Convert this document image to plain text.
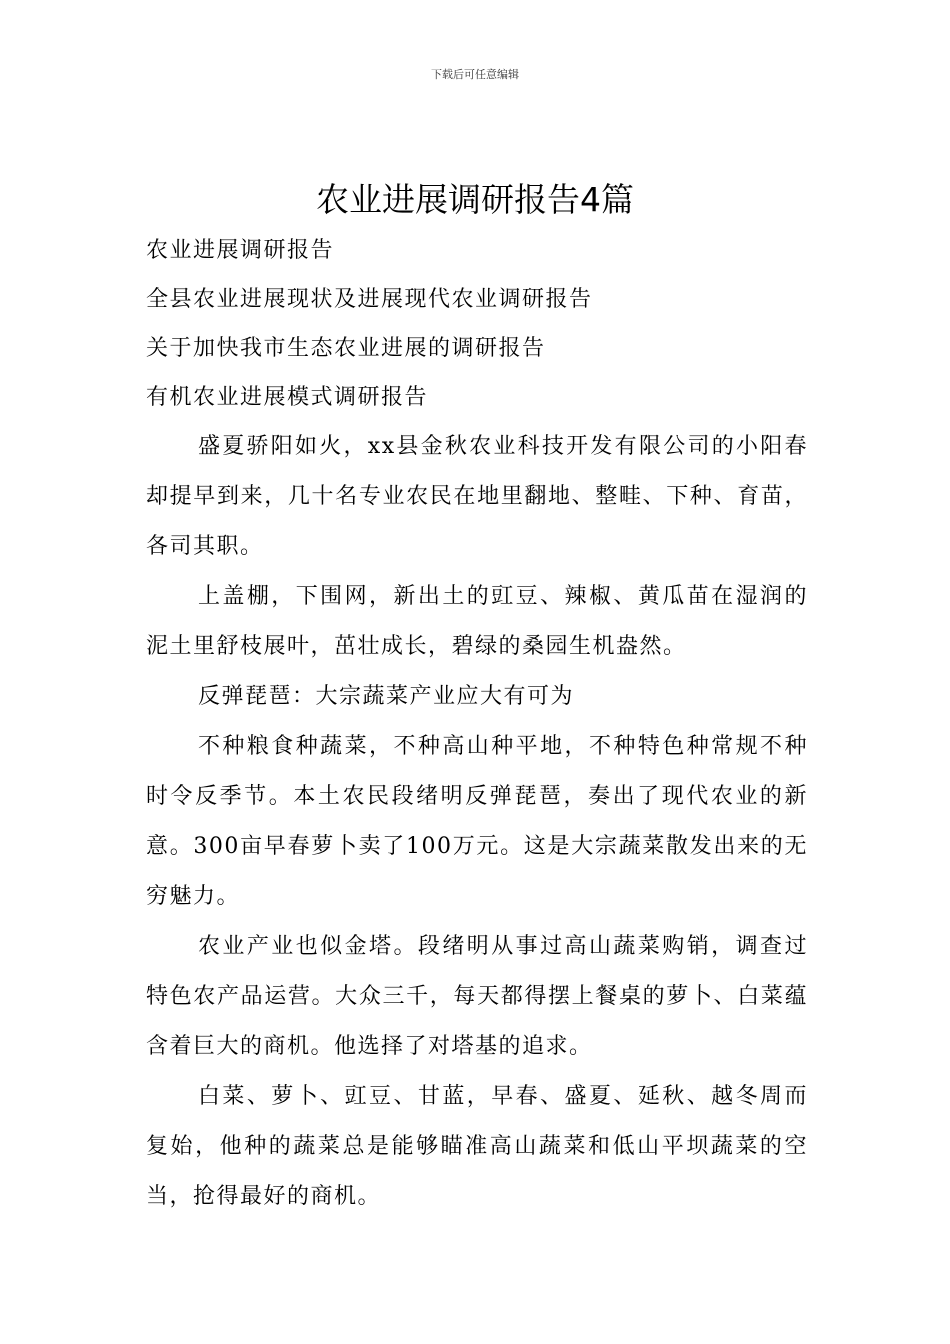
下载后可任意编辑
农业进展调研报告4篇

农业进展调研报告

全县农业进展现状及进展现代农业调研报告

关于加快我市生态农业进展的调研报告

有机农业进展模式调研报告

盛夏骄阳如火，xx县金秋农业科技开发有限公司的小阳春却提早到来，几十名专业农民在地里翻地、整畦、下种、育苗，各司其职。

上盖棚，下围网，新出土的豇豆、辣椒、黄瓜苗在湿润的泥土里舒枝展叶，茁壮成长，碧绿的桑园生机盎然。

反弹琵琶：大宗蔬菜产业应大有可为

不种粮食种蔬菜，不种高山种平地，不种特色种常规不种时令反季节。本土农民段绪明反弹琵琶，奏出了现代农业的新意。300亩早春萝卜卖了100万元。这是大宗蔬菜散发出来的无穷魅力。

农业产业也似金塔。段绪明从事过高山蔬菜购销，调查过特色农产品运营。大众三千，每天都得摆上餐桌的萝卜、白菜蕴含着巨大的商机。他选择了对塔基的追求。

白菜、萝卜、豇豆、甘蓝，早春、盛夏、延秋、越冬周而复始，他种的蔬菜总是能够瞄准高山蔬菜和低山平坝蔬菜的空当，抢得最好的商机。
